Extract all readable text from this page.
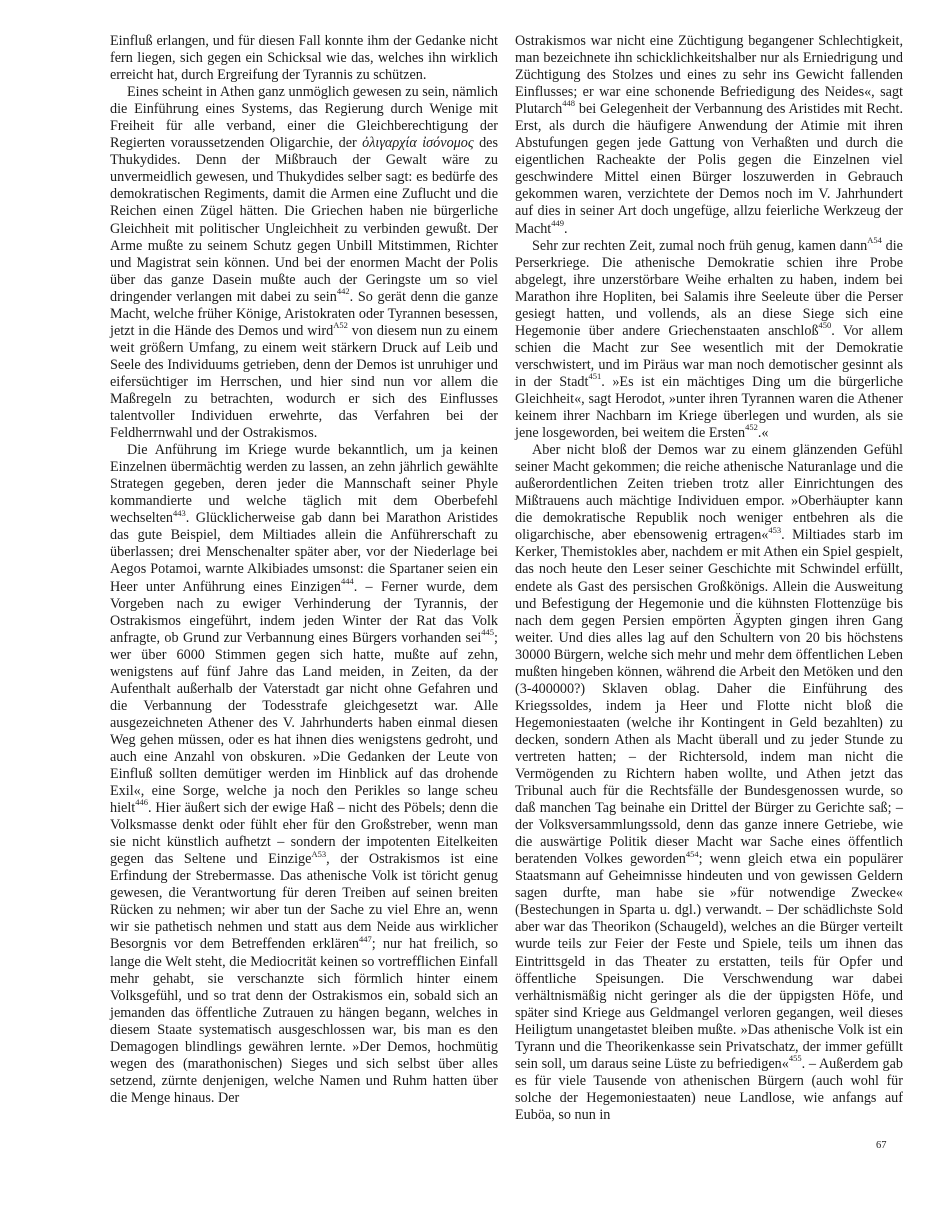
Einfluß erlangen, und für diesen Fall konnte ihm der Gedanke nicht fern liegen, sich gegen ein Schicksal wie das, welches ihn wirklich erreicht hat, durch Ergreifung der Tyrannis zu schützen.

Eines scheint in Athen ganz unmöglich gewesen zu sein, nämlich die Einführung eines Systems, das Regierung durch Wenige mit Freiheit für alle verband, einer die Gleichberechtigung der Regierten voraussetzenden Oligarchie, der ὀλιγαρχία ἰσόνομος des Thukydides. Denn der Mißbrauch der Gewalt wäre zu unvermeidlich gewesen, und Thukydides selber sagt: es bedürfe des demokratischen Regiments, damit die Armen eine Zuflucht und die Reichen einen Zügel hätten. Die Griechen haben nie bürgerliche Gleichheit mit politischer Ungleichheit zu verbinden gewußt. Der Arme mußte zu seinem Schutz gegen Unbill Mitstimmen, Richter und Magistrat sein können. Und bei der enormen Macht der Polis über das ganze Dasein mußte auch der Geringste um so viel dringender verlangen mit dabei zu sein$^{442}$. So gerät denn die ganze Macht, welche früher Könige, Aristokraten oder Tyrannen besessen, jetzt in die Hände des Demos und wird$^{A52}$ von diesem nun zu einem weit größern Umfang, zu einem weit stärkern Druck auf Leib und Seele des Individuums getrieben, denn der Demos ist unruhiger und eifersüchtiger im Herrschen, und hier sind nun vor allem die Maßregeln zu betrachten, wodurch er sich des Einflusses talentvoller Individuen erwehrte, das Verfahren bei der Feldherrnwahl und der Ostrakismos.

Die Anführung im Kriege wurde bekanntlich, um ja keinen Einzelnen übermächtig werden zu lassen, an zehn jährlich gewählte Strategen gegeben, deren jeder die Mannschaft seiner Phyle kommandierte und welche täglich mit dem Oberbefehl wechselten$^{443}$. Glücklicherweise gab dann bei Marathon Aristides das gute Beispiel, dem Miltiades allein die Anführerschaft zu überlassen; drei Menschenalter später aber, vor der Niederlage bei Aegos Potamoi, warnte Alkibiades umsonst: die Spartaner seien ein Heer unter Anführung eines Einzigen$^{444}$. – Ferner wurde, dem Vorgeben nach zu ewiger Verhinderung der Tyrannis, der Ostrakismos eingeführt, indem jeden Winter der Rat das Volk anfragte, ob Grund zur Verbannung eines Bürgers vorhanden sei$^{445}$; wer über 6000 Stimmen gegen sich hatte, mußte auf zehn, wenigstens auf fünf Jahre das Land meiden, in Zeiten, da der Aufenthalt außerhalb der Vaterstadt gar nicht ohne Gefahren und die Verbannung der Todesstrafe gleichgesetzt war. Alle ausgezeichneten Athener des V. Jahrhunderts haben einmal diesen Weg gehen müssen, oder es hat ihnen dies wenigstens gedroht, und auch eine Anzahl von obskuren. »Die Gedanken der Leute von Einfluß sollten demütiger werden im Hinblick auf das drohende Exil«, eine Sorge, welche ja noch den Perikles so lange scheu hielt$^{446}$. Hier äußert sich der ewige Haß – nicht des Pöbels; denn die Volksmasse denkt oder fühlt eher für den Großstreber, wenn man sie nicht künstlich aufhetzt – sondern der impotenten Eitelkeiten gegen das Seltene und Einzige$^{A53}$, der Ostrakismos ist eine Erfindung der Strebermasse. Das athenische Volk ist töricht genug gewesen, die Verantwortung für deren Treiben auf seinen breiten Rücken zu nehmen; wir aber tun der Sache zu viel Ehre an, wenn wir sie pathetisch nehmen und statt aus dem Neide aus wirklicher Besorgnis vor dem Betreffenden erklären$^{447}$; nur hat freilich, so lange die Welt steht, die Mediocrität keinen so vortrefflichen Einfall mehr gehabt, sie verschanzte sich förmlich hinter einem Volksgefühl, und so trat denn der Ostrakismos ein, sobald sich an jemanden das öffentliche Zutrauen zu hängen begann, welches in diesem Staate systematisch ausgeschlossen war, bis man es den Demagogen blindlings gewähren lernte. »Der Demos, hochmütig wegen des (marathonischen) Sieges und sich selbst über alles setzend, zürnte denjenigen, welche Namen und Ruhm hatten über die Menge hinaus. Der

Ostrakismos war nicht eine Züchtigung begangener Schlechtigkeit, man bezeichnete ihn schicklichkeitshalber nur als Erniedrigung und Züchtigung des Stolzes und eines zu sehr ins Gewicht fallenden Einflusses; er war eine schonende Befriedigung des Neides«, sagt Plutarch$^{448}$ bei Gelegenheit der Verbannung des Aristides mit Recht. Erst, als durch die häufigere Anwendung der Atimie mit ihren Abstufungen gegen jede Gattung von Verhaßten und durch die eigentlichen Racheakte der Polis gegen die Einzelnen viel geschwindere Mittel einen Bürger loszuwerden in Gebrauch gekommen waren, verzichtete der Demos noch im V. Jahrhundert auf dies in seiner Art doch ungefüge, allzu feierliche Werkzeug der Macht$^{449}$.

Sehr zur rechten Zeit, zumal noch früh genug, kamen dann$^{A54}$ die Perserkriege. Die athenische Demokratie schien ihre Probe abgelegt, ihre unzerstörbare Weihe erhalten zu haben, indem bei Marathon ihre Hopliten, bei Salamis ihre Seeleute über die Perser gesiegt hatten, und vollends, als an diese Siege sich eine Hegemonie über andere Griechenstaaten anschloß$^{450}$. Vor allem schien die Macht zur See wesentlich mit der Demokratie verschwistert, und im Piräus war man noch demotischer gesinnt als in der Stadt$^{451}$. »Es ist ein mächtiges Ding um die bürgerliche Gleichheit«, sagt Herodot, »unter ihren Tyrannen waren die Athener keinem ihrer Nachbarn im Kriege überlegen und wurden, als sie jene losgeworden, bei weitem die Ersten$^{452}$.«

Aber nicht bloß der Demos war zu einem glänzenden Gefühl seiner Macht gekommen; die reiche athenische Naturanlage und die außerordentlichen Zeiten trieben trotz aller Einrichtungen des Mißtrauens auch mächtige Individuen empor. »Oberhäupter kann die demokratische Republik noch weniger entbehren als die oligarchische, aber ebensowenig ertragen«$^{453}$. Miltiades starb im Kerker, Themistokles aber, nachdem er mit Athen ein Spiel gespielt, das noch heute den Leser seiner Geschichte mit Schwindel erfüllt, endete als Gast des persischen Großkönigs. Allein die Ausweitung und Befestigung der Hegemonie und die kühnsten Flottenzüge bis nach dem gegen Persien empörten Ägypten gingen ihren Gang weiter. Und dies alles lag auf den Schultern von 20 bis höchstens 30000 Bürgern, welche sich mehr und mehr dem öffentlichen Leben mußten hingeben können, während die Arbeit den Metöken und den (3-400000?) Sklaven oblag. Daher die Einführung des Kriegssoldes, indem ja Heer und Flotte nicht bloß die Hegemoniestaaten (welche ihr Kontingent in Geld bezahlten) zu decken, sondern Athen als Macht überall und zu jeder Stunde zu vertreten hatten; – der Richtersold, indem man nicht die Vermögenden zu Richtern haben wollte, und Athen jetzt das Tribunal auch für die Rechtsfälle der Bundesgenossen wurde, so daß manchen Tag beinahe ein Drittel der Bürger zu Gerichte saß; – der Volksversammlungssold, denn das ganze innere Getriebe, wie die auswärtige Politik dieser Macht war Sache eines öffentlich beratenden Volkes geworden$^{454}$; wenn gleich etwa ein populärer Staatsmann auf Geheimnisse hindeuten und von gewissen Geldern sagen durfte, man habe sie »für notwendige Zwecke« (Bestechungen in Sparta u. dgl.) verwandt. – Der schädlichste Sold aber war das Theorikon (Schaugeld), welches an die Bürger verteilt wurde teils zur Feier der Feste und Spiele, teils um ihnen das Eintrittsgeld in das Theater zu erstatten, teils für Opfer und öffentliche Speisungen. Die Verschwendung war dabei verhältnismäßig nicht geringer als die der üppigsten Höfe, und später sind Kriege aus Geldmangel verloren gegangen, weil dieses Heiligtum unangetastet bleiben mußte. »Das athenische Volk ist ein Tyrann und die Theorikenkasse sein Privatschatz, der immer gefüllt sein soll, um daraus seine Lüste zu befriedigen«$^{455}$. – Außerdem gab es für viele Tausende von athenischen Bürgern (auch wohl für solche der Hegemoniestaaten) neue Landlose, wie anfangs auf Euböa, so nun in

67
